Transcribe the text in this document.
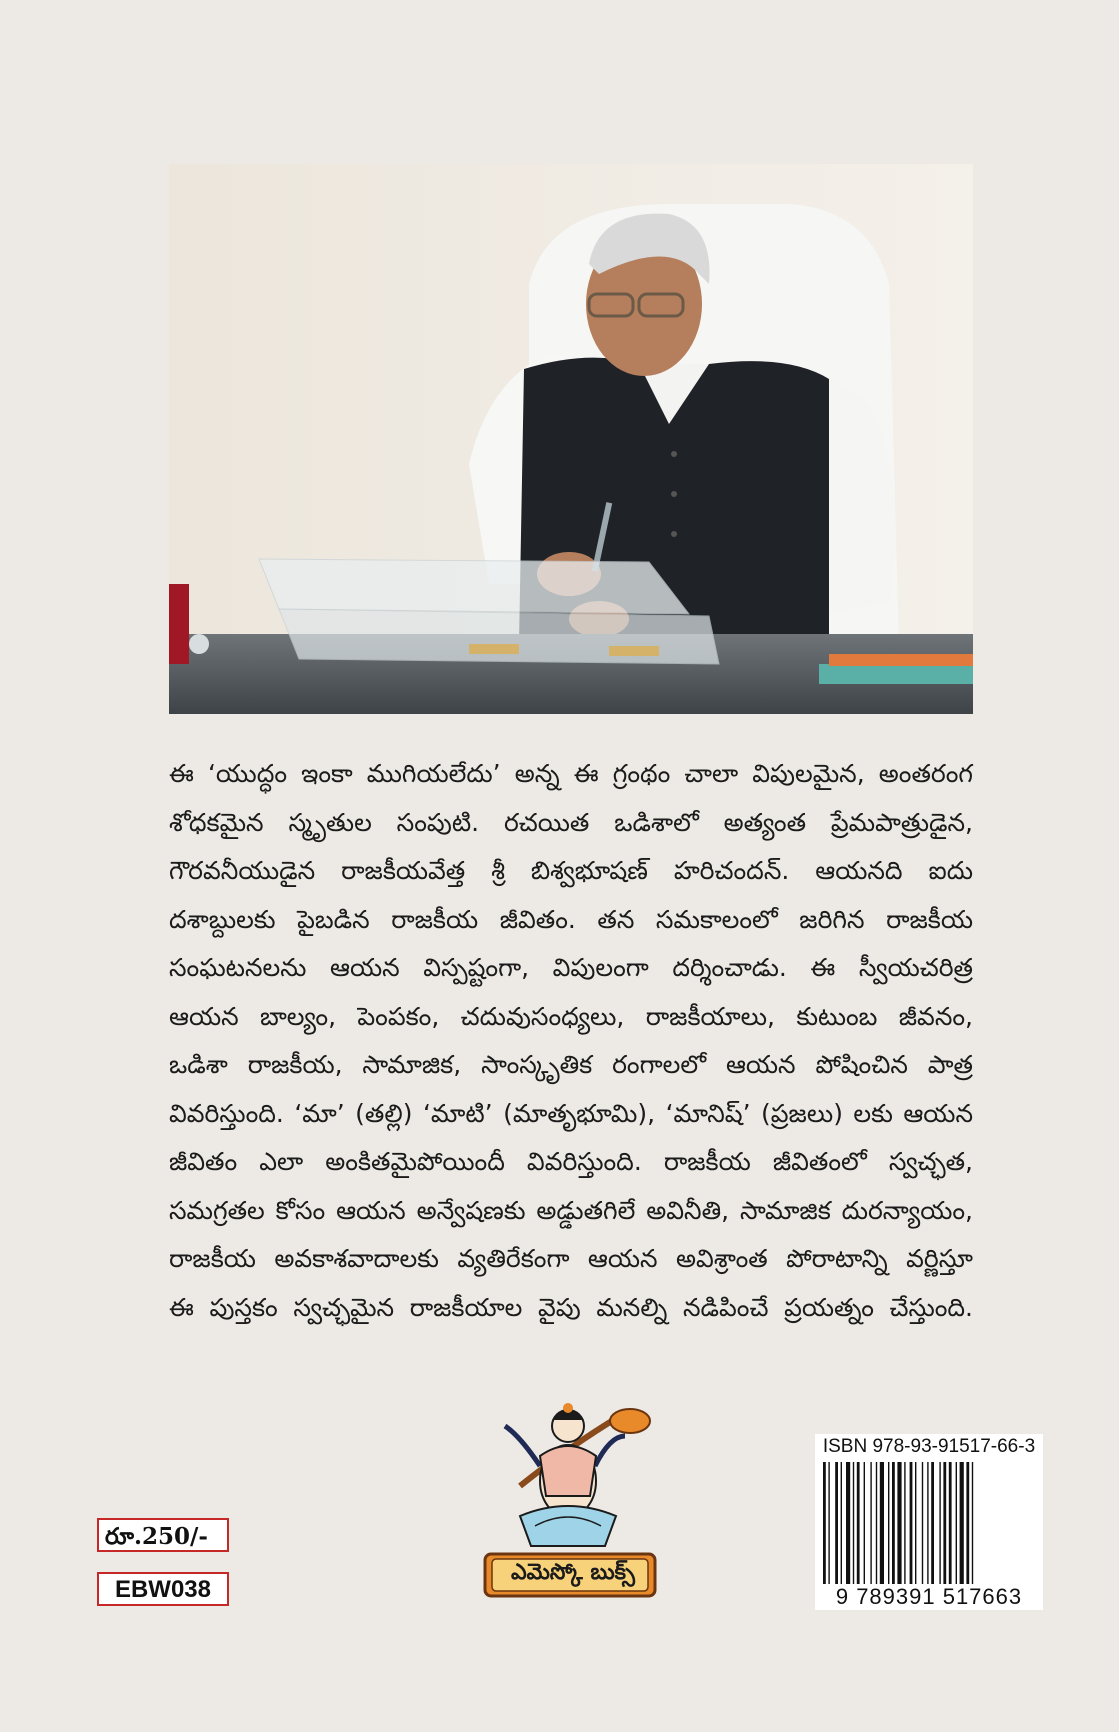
ఈ ‘యుద్ధం ఇంకా ముగియలేదు’ అన్న ఈ గ్రంథం చాలా విపులమైన, అంతరంగ
శోధకమైన స్మృతుల సంపుటి. రచయిత ఒడిశాలో అత్యంత ప్రేమపాత్రుడైన,
గౌరవనీయుడైన రాజకీయవేత్త శ్రీ బిశ్వభూషణ్ హరిచందన్. ఆయనది ఐదు
దశాబ్దులకు పైబడిన రాజకీయ జీవితం. తన సమకాలంలో జరిగిన రాజకీయ
సంఘటనలను ఆయన విస్పష్టంగా, విపులంగా దర్శించాడు. ఈ స్వీయచరిత్ర
ఆయన బాల్యం, పెంపకం, చదువుసంధ్యలు, రాజకీయాలు, కుటుంబ జీవనం,
ఒడిశా రాజకీయ, సామాజిక, సాంస్కృతిక రంగాలలో ఆయన పోషించిన పాత్ర
వివరిస్తుంది. ‘మా’ (తల్లి) ‘మాటి’ (మాతృభూమి), ‘మానిష్’ (ప్రజలు) లకు ఆయన
జీవితం ఎలా అంకితమైపోయిందీ వివరిస్తుంది. రాజకీయ జీవితంలో స్వచ్ఛత,
సమగ్రతల కోసం ఆయన అన్వేషణకు అడ్డుతగిలే అవినీతి, సామాజిక దురన్యాయం,
రాజకీయ అవకాశవాదాలకు వ్యతిరేకంగా ఆయన అవిశ్రాంత పోరాటాన్ని వర్ణిస్తూ
ఈ పుస్తకం స్వచ్ఛమైన రాజకీయాల వైపు మనల్ని నడిపించే ప్రయత్నం చేస్తుంది.
రూ.250/-
EBW038
ఎమెస్కో బుక్స్
ISBN 978-93-91517-66-3
9 789391 517663
